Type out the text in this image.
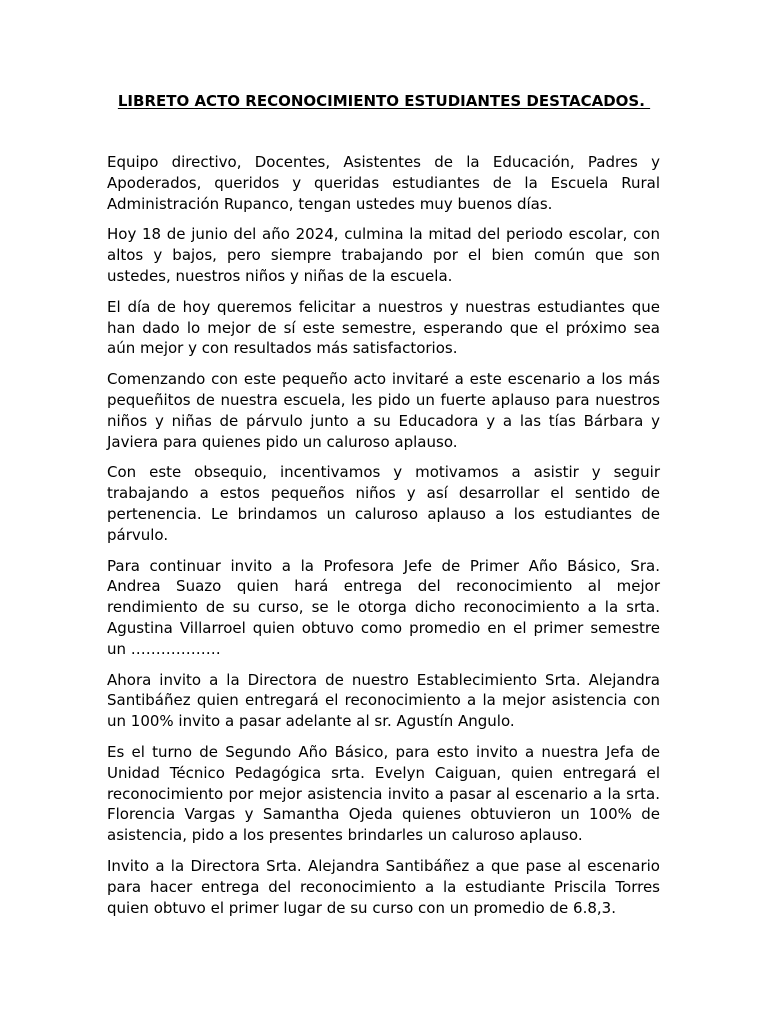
LIBRETO ACTO RECONOCIMIENTO ESTUDIANTES DESTACADOS.

Equipo directivo, Docentes, Asistentes de la Educación, Padres y Apoderados, queridos y queridas estudiantes de la Escuela Rural Administración Rupanco, tengan ustedes muy buenos días.

Hoy 18 de junio del año 2024, culmina la mitad del periodo escolar, con altos y bajos, pero siempre trabajando por el bien común que son ustedes, nuestros niños y niñas de la escuela.

El día de hoy queremos felicitar a nuestros y nuestras estudiantes que han dado lo mejor de sí este semestre, esperando que el próximo sea aún mejor y con resultados más satisfactorios.

Comenzando con este pequeño acto invitaré a este escenario a los más pequeñitos de nuestra escuela, les pido un fuerte aplauso para nuestros niños y niñas de párvulo junto a su Educadora y a las tías Bárbara y Javiera para quienes pido un caluroso aplauso.

Con este obsequio, incentivamos y motivamos a asistir y seguir trabajando a estos pequeños niños y así desarrollar el sentido de pertenencia. Le brindamos un caluroso aplauso a los estudiantes de párvulo.

Para continuar invito a la Profesora Jefe de Primer Año Básico, Sra. Andrea Suazo quien hará entrega del reconocimiento al mejor rendimiento de su curso, se le otorga dicho reconocimiento a la srta. Agustina Villarroel quien obtuvo como promedio en el primer semestre un ………………

Ahora invito a la Directora de nuestro Establecimiento Srta. Alejandra Santibáñez quien entregará el reconocimiento a la mejor asistencia con un 100% invito a pasar adelante al sr. Agustín Angulo.

Es el turno de Segundo Año Básico, para esto invito a nuestra Jefa de Unidad Técnico Pedagógica srta. Evelyn Caiguan, quien entregará el reconocimiento por mejor asistencia invito a pasar al escenario a la srta. Florencia Vargas y Samantha Ojeda quienes obtuvieron un 100% de asistencia, pido a los presentes brindarles un caluroso aplauso.

Invito a la Directora Srta. Alejandra Santibáñez a que pase al escenario para hacer entrega del reconocimiento a la estudiante Priscila Torres quien obtuvo el primer lugar de su curso con un promedio de 6.8,3.
